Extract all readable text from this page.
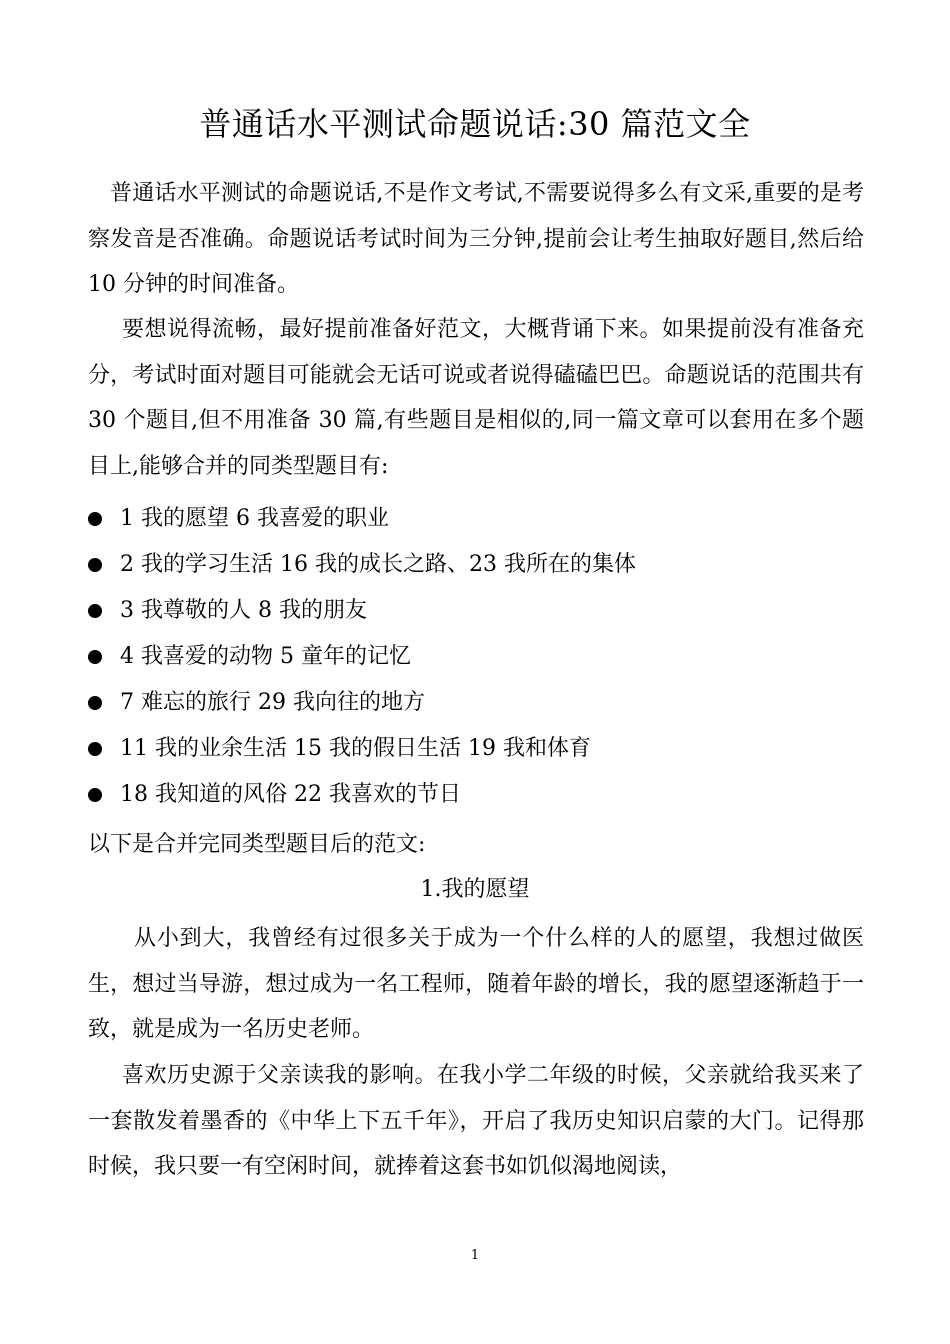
普通话水平测试命题说话:30 篇范文全

普通话水平测试的命题说话,不是作文考试,不需要说得多么有文采,重要的是考察发音是否准确。命题说话考试时间为三分钟,提前会让考生抽取好题目,然后给 10 分钟的时间准备。

要想说得流畅，最好提前准备好范文，大概背诵下来。如果提前没有准备充分，考试时面对题目可能就会无话可说或者说得磕磕巴巴。命题说话的范围共有 30 个题目,但不用准备 30 篇,有些题目是相似的,同一篇文章可以套用在多个题目上,能够合并的同类型题目有:

1 我的愿望 6 我喜爱的职业
2 我的学习生活 16 我的成长之路、23 我所在的集体
3 我尊敬的人 8 我的朋友
4 我喜爱的动物 5 童年的记忆
7 难忘的旅行 29 我向往的地方
11 我的业余生活 15 我的假日生活 19 我和体育
18 我知道的风俗 22 我喜欢的节日
以下是合并完同类型题目后的范文:
1.我的愿望

从小到大，我曾经有过很多关于成为一个什么样的人的愿望，我想过做医生，想过当导游，想过成为一名工程师，随着年龄的增长，我的愿望逐渐趋于一致，就是成为一名历史老师。

喜欢历史源于父亲读我的影响。在我小学二年级的时候，父亲就给我买来了一套散发着墨香的《中华上下五千年》，开启了我历史知识启蒙的大门。记得那时候，我只要一有空闲时间，就捧着这套书如饥似渴地阅读，

1
